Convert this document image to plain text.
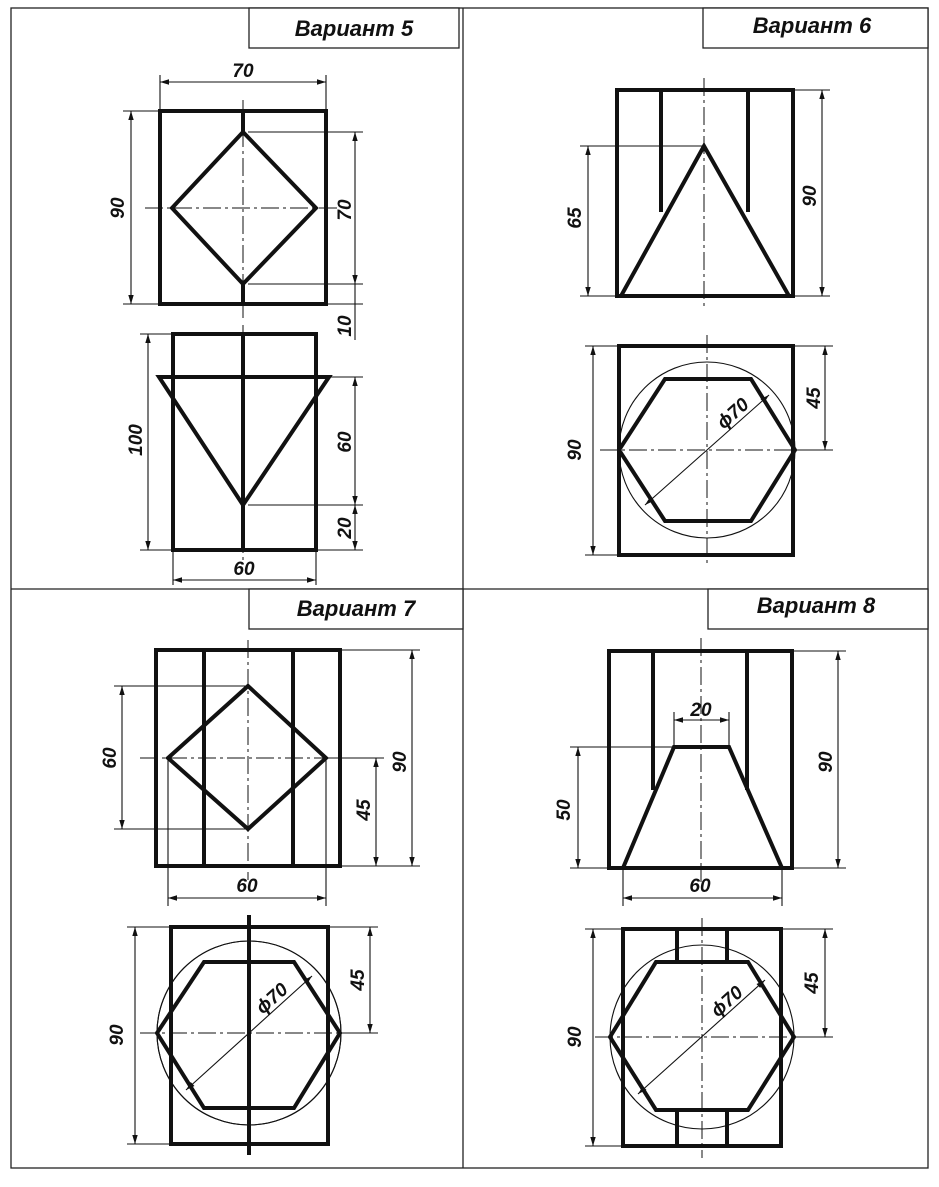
Вариант 5
70
90	70
10
100	60
20
60
Вариант 6
65
90
ϕ70
90
45
Вариант 7
60
45
90
60
ϕ70
90
45
Вариант 8
20
50
90
60
ϕ70
90
45
